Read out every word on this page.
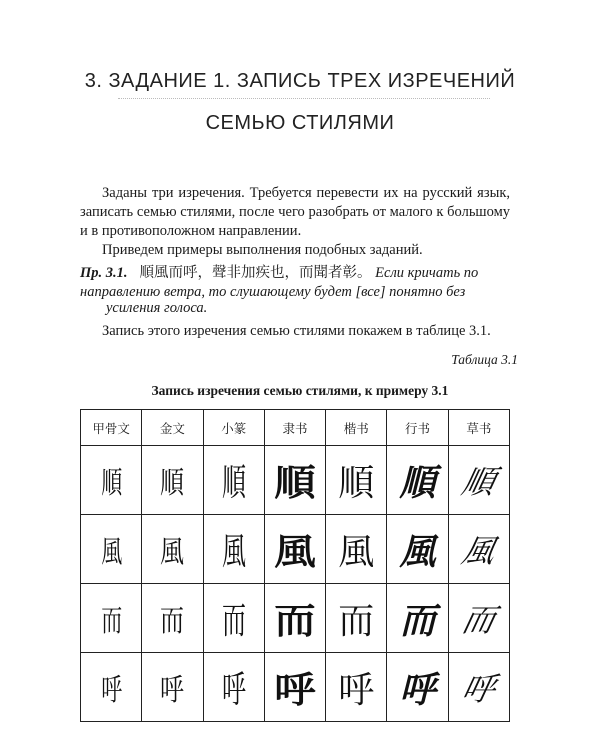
3. ЗАДАНИЕ 1. ЗАПИСЬ ТРЕХ ИЗРЕЧЕНИЙ
СЕМЬЮ СТИЛЯМИ
Заданы три изречения. Требуется перевести их на русский язык, записать семью стилями, после чего разобрать от малого к большому и в противоположном направлении.
Приведем примеры выполнения подобных заданий.
Пр. 3.1. 順風而呼，聲非加疾也，而聞者彰。 Если кричать по направлению ветра, то слушающему будет [все] понятно без
усиления голоса.
Запись этого изречения семью стилями покажем в таблице 3.1.
Таблица 3.1
Запись изречения семью стилями, к примеру 3.1
甲骨文	金文	小篆	隶书	楷书	行书	草书
順	順	順	順	順	順	順
風	風	風	風	風	風	風
而	而	而	而	而	而	而
呼	呼	呼	呼	呼	呼	呼
